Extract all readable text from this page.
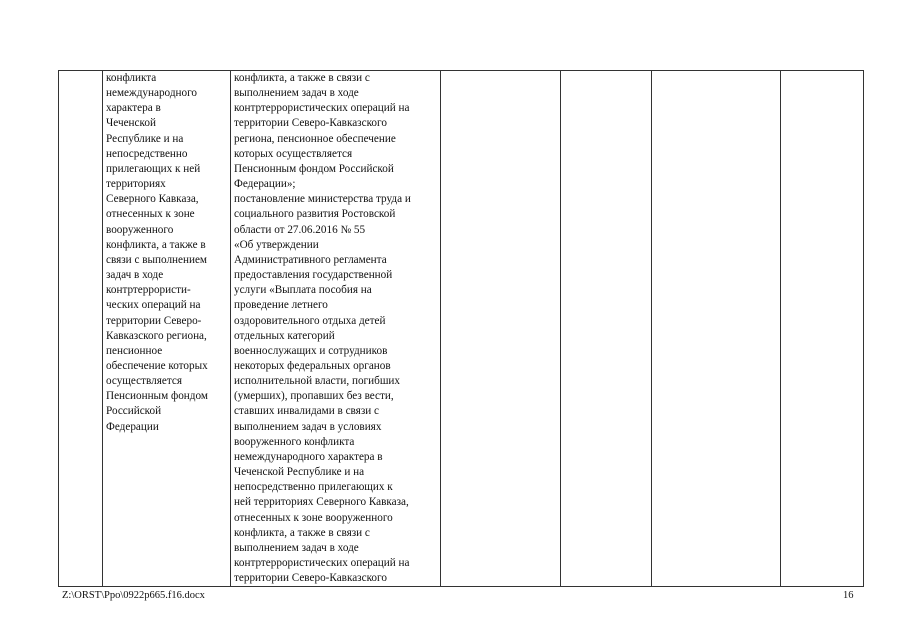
	конфликта
немеждународного
характера в
Чеченской
Республике и на
непосредственно
прилегающих к ней
территориях
Северного Кавказа,
отнесенных к зоне
вооруженного
конфликта, а также в
связи с выполнением
задач в ходе
контртеррористи-
ческих операций на
территории Северо-
Кавказского региона,
пенсионное
обеспечение которых
осуществляется
Пенсионным фондом
Российской
Федерации	конфликта, а также в связи с
выполнением задач в ходе
контртеррористических операций на
территории Северо-Кавказского
региона, пенсионное обеспечение
которых осуществляется
Пенсионным фондом Российской
Федерации»;
постановление министерства труда и
социального развития Ростовской
области от 27.06.2016 № 55
«Об утверждении
Административного регламента
предоставления государственной
услуги «Выплата пособия на
проведение летнего
оздоровительного отдыха детей
отдельных категорий
военнослужащих и сотрудников
некоторых федеральных органов
исполнительной власти, погибших
(умерших), пропавших без вести,
ставших инвалидами в связи с
выполнением задач в условиях
вооруженного конфликта
немеждународного характера в
Чеченской Республике и на
непосредственно прилегающих к
ней территориях Северного Кавказа,
отнесенных к зоне вооруженного
конфликта, а также в связи с
выполнением задач в ходе
контртеррористических операций на
территории Северо-Кавказского				
Z:\ORST\Ppo\0922p665.f16.docx	16
